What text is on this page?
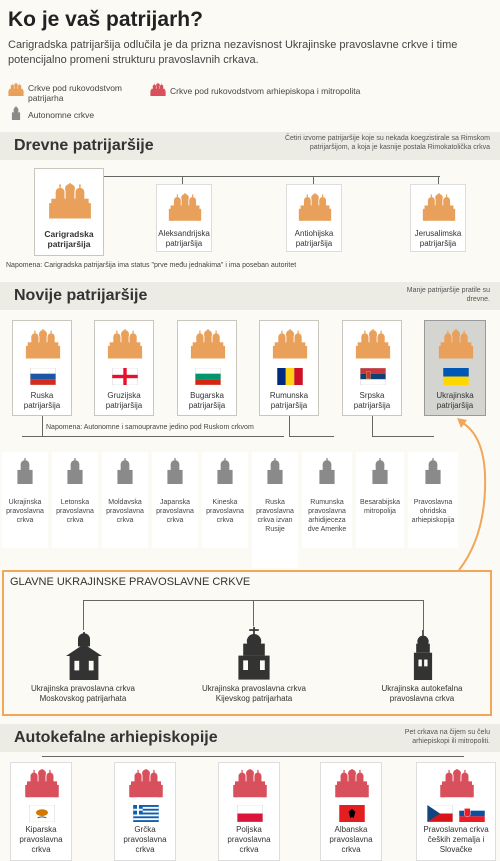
Ko je vaš patrijarh?
Carigradska patrijaršija odlučila je da prizna nezavisnost Ukrajinske pravoslavne crkve i time potencijalno promeni strukturu pravoslavnih crkava.
Crkve pod rukovodstvom patrijarha
Crkve pod rukovodstvom arhiepiskopa i mitropolita
Autonomne crkve
Drevne patrijaršije	Četiri izvorne patrijaršije koje su nekada koegzistirale sa Rimskom patrijaršijom, a koja je kasnije postala Rimokatolička crkva
Carigradska patrijaršija
Aleksandrijska patrijaršija
Antiohijska patrijaršija
Jerusalimska patrijaršija
Napomena: Carigradska patrijaršija ima status "prve među jednakima" i ima poseban autoritet
Novije patrijaršije	Manje patrijaršije pratile su drevne.
Ruska patrijaršija
Gruzijska patrijaršija
Bugarska patrijaršija
Rumunska patrijaršija
Srpska patrijaršija
Ukrajinska patrijaršija
Napomena: Autonomne i samoupravne jedino pod Ruskom crkvom
Ukrajinska pravoslavna crkva
Letonska pravoslavna crkva
Moldavska pravoslavna crkva
Japanska pravoslavna crkva
Kineska pravoslavna crkva
Ruska pravoslavna crkva izvan Rusije
Rumunska pravoslavna arhidijeceza dve Amerike
Besarabijska mitropolija
Pravoslavna ohridska arhiepiskopija
GLAVNE UKRAJINSKE PRAVOSLAVNE CRKVE
Ukrajinska pravoslavna crkva Moskovskog patrijarhata
Ukrajinska pravoslavna crkva Kijevskog patrijarhata
Ukrajinska autokefalna pravoslavna crkva
Autokefalne arhiepiskopije	Pet crkava na čijem su čelu arhiepiskopi ili mitropoliti.
Kiparska pravoslavna crkva
Grčka pravoslavna crkva
Poljska pravoslavna crkva
Albanska pravoslavna crkva
Pravoslavna crkva čeških zemalja i Slovačke
